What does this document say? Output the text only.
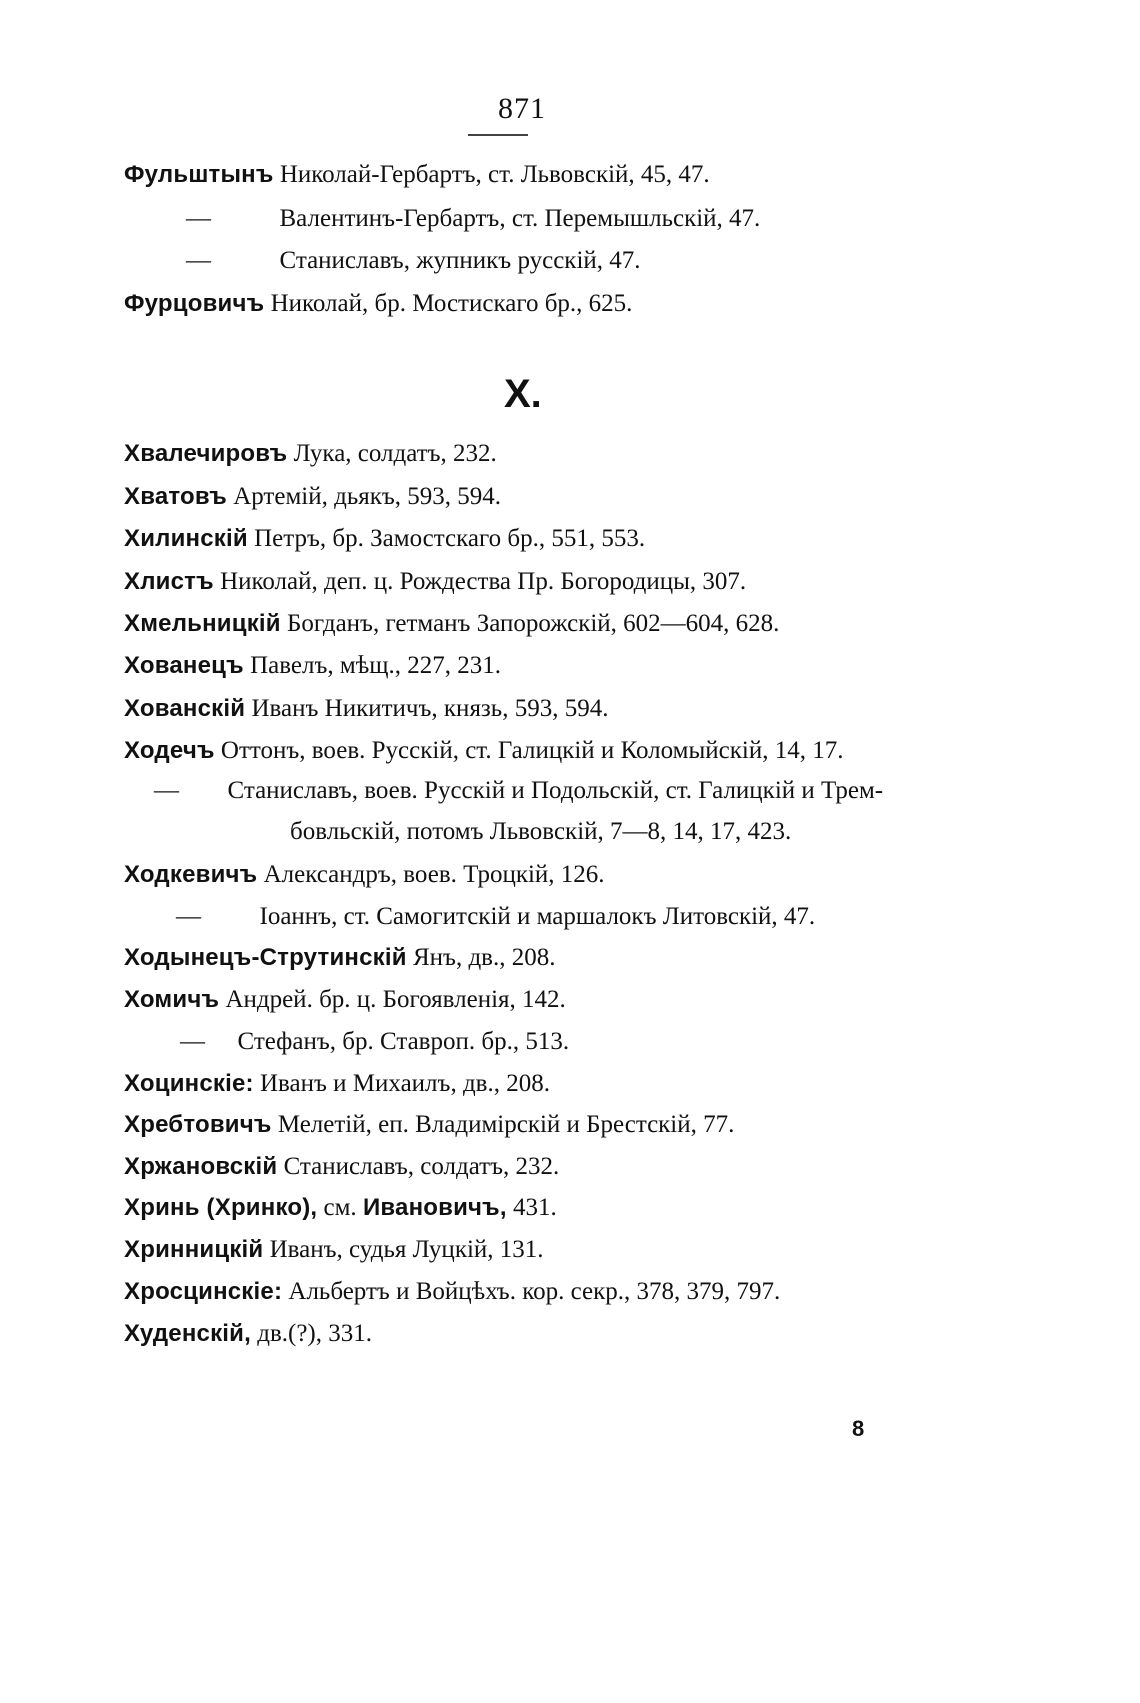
871
Фульштынъ Николай-Гербартъ, ст. Львовскій, 45, 47.
—	Валентинъ-Гербартъ, ст. Перемышльскій, 47.
—	Станиславъ, жупникъ русскій, 47.
Фурцовичъ Николай, бр. Мостискаго бр., 625.
Х.
Хвалечировъ Лука, солдатъ, 232.
Хватовъ Артемій, дьякъ, 593, 594.
Хилинскій Петръ, бр. Замостскаго бр., 551, 553.
Хлистъ Николай, деп. ц. Рождества Пр. Богородицы, 307.
Хмельницкій Богданъ, гетманъ Запорожскій, 602—604, 628.
Хованецъ Павелъ, мѣщ., 227, 231.
Хованскій Иванъ Никитичъ, князь, 593, 594.
Ходечъ Оттонъ, воев. Русскій, ст. Галицкій и Коломыйскій, 14, 17.
— Станиславъ, воев. Русскій и Подольскій, ст. Галицкій и Трем-
бовльскій, потомъ Львовскій, 7—8, 14, 17, 423.
Ходкевичъ Александръ, воев. Троцкій, 126.
— Іоаннъ, ст. Самогитскій и маршалокъ Литовскій, 47.
Ходынецъ-Струтинскій Янъ, дв., 208.
Хомичъ Андрей. бр. ц. Богоявленія, 142.
— Стефанъ, бр. Ставроп. бр., 513.
Хоцинскіе: Иванъ и Михаилъ, дв., 208.
Хребтовичъ Мелетій, еп. Владимірскій и Брестскій, 77.
Хржановскій Станиславъ, солдатъ, 232.
Хринь (Хринко), см. Ивановичъ, 431.
Хринницкій Иванъ, судья Луцкій, 131.
Хросцинскіе: Альбертъ и Войцѣхъ. кор. секр., 378, 379, 797.
Худенскій, дв.(?), 331.
8
